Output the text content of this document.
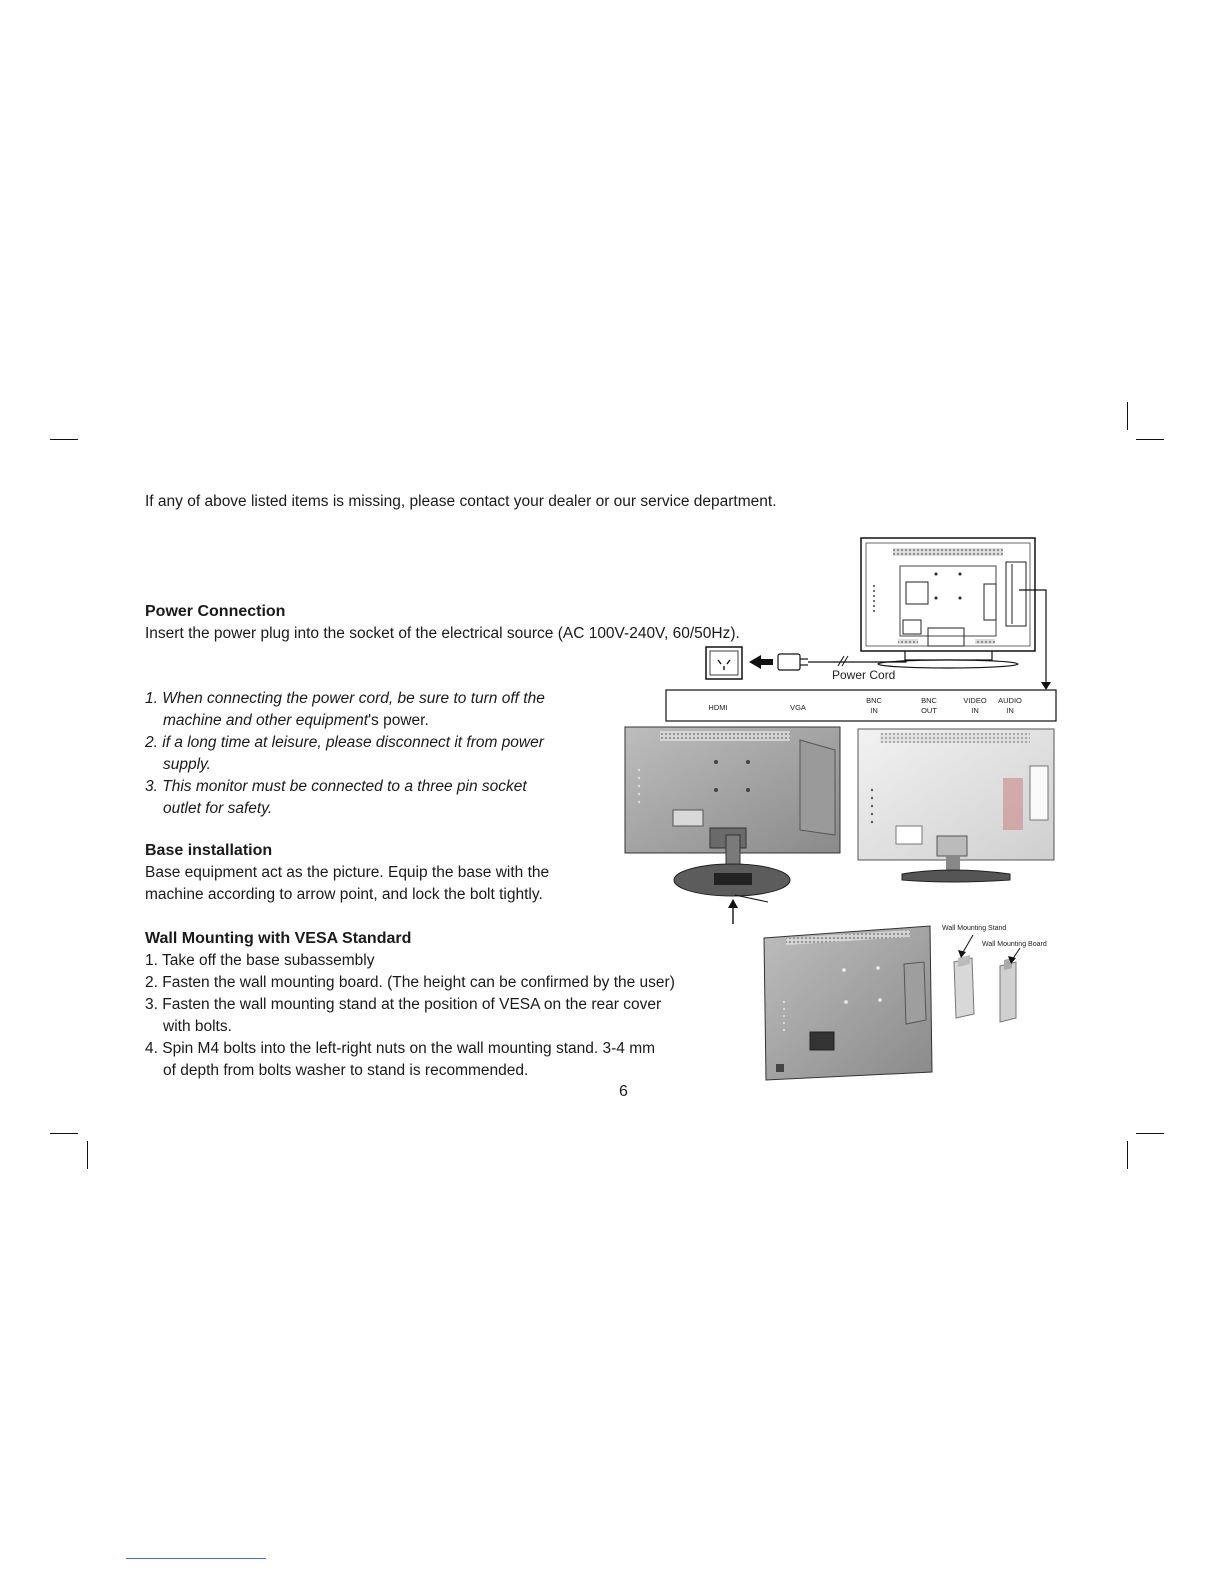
If any of above listed items is missing, please contact your dealer or our service department.
Power Connection
Insert the power plug into the socket of the electrical source (AC 100V-240V, 60/50Hz).
1. When connecting the power cord, be sure to turn off the
machine and other equipment's power.
2. if a long time at leisure, please disconnect it from power
supply.
3. This monitor must be connected to a three pin socket
outlet for safety.
Base installation
Base equipment act as the picture. Equip the base with the
machine according to arrow point, and lock the bolt tightly.
Wall Mounting with VESA Standard
1. Take off the base subassembly
2. Fasten the wall mounting board. (The height can be confirmed by the user)
3. Fasten the wall mounting stand at the position of VESA on the rear cover
with bolts.
4. Spin M4 bolts into the left-right nuts on the wall mounting stand. 3-4 mm
of depth from bolts washer to stand is recommended.
6
Power Cord
HDMI	VGA
BNC
IN
BNC
OUT
VIDEO
IN
AUDIO
IN
Wall Mounting Stand
Wall Mounting Board
